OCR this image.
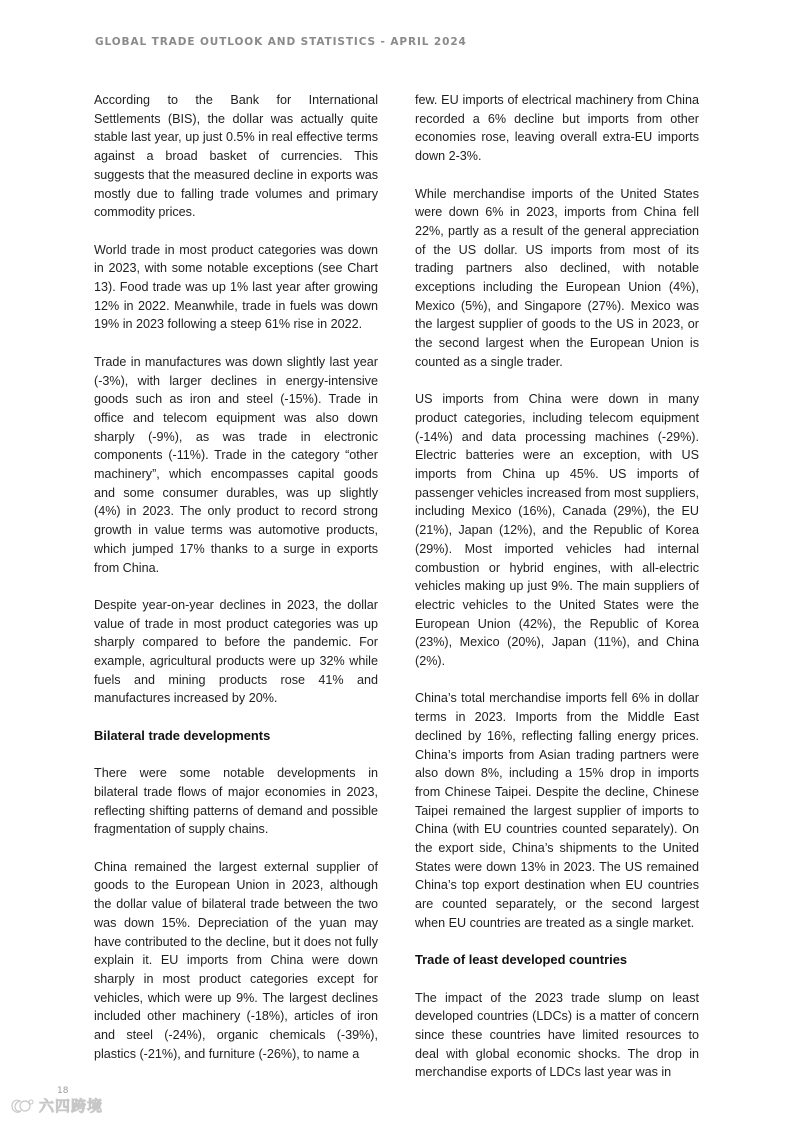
GLOBAL TRADE OUTLOOK AND STATISTICS - APRIL 2024

According to the Bank for International Settlements (BIS), the dollar was actually quite stable last year, up just 0.5% in real effective terms against a broad basket of currencies. This suggests that the measured decline in exports was mostly due to falling trade volumes and primary commodity prices.

World trade in most product categories was down in 2023, with some notable exceptions (see Chart 13). Food trade was up 1% last year after growing 12% in 2022. Meanwhile, trade in fuels was down 19% in 2023 following a steep 61% rise in 2022.

Trade in manufactures was down slightly last year (-3%), with larger declines in energy-intensive goods such as iron and steel (-15%). Trade in office and telecom equipment was also down sharply (-9%), as was trade in electronic components (-11%). Trade in the category “other machinery”, which encompasses capital goods and some consumer durables, was up slightly (4%) in 2023. The only product to record strong growth in value terms was automotive products, which jumped 17% thanks to a surge in exports from China.

Despite year-on-year declines in 2023, the dollar value of trade in most product categories was up sharply compared to before the pandemic. For example, agricultural products were up 32% while fuels and mining products rose 41% and manufactures increased by 20%.

Bilateral trade developments

There were some notable developments in bilateral trade flows of major economies in 2023, reflecting shifting patterns of demand and possible fragmentation of supply chains.

China remained the largest external supplier of goods to the European Union in 2023, although the dollar value of bilateral trade between the two was down 15%. Depreciation of the yuan may have contributed to the decline, but it does not fully explain it. EU imports from China were down sharply in most product categories except for vehicles, which were up 9%. The largest declines included other machinery (-18%), articles of iron and steel (-24%), organic chemicals (-39%), plastics (-21%), and furniture (-26%), to name a

few. EU imports of electrical machinery from China recorded a 6% decline but imports from other economies rose, leaving overall extra-EU imports down 2-3%.

While merchandise imports of the United States were down 6% in 2023, imports from China fell 22%, partly as a result of the general appreciation of the US dollar. US imports from most of its trading partners also declined, with notable exceptions including the European Union (4%), Mexico (5%), and Singapore (27%). Mexico was the largest supplier of goods to the US in 2023, or the second largest when the European Union is counted as a single trader.

US imports from China were down in many product categories, including telecom equipment (-14%) and data processing machines (-29%). Electric batteries were an exception, with US imports from China up 45%. US imports of passenger vehicles increased from most suppliers, including Mexico (16%), Canada (29%), the EU (21%), Japan (12%), and the Republic of Korea (29%). Most imported vehicles had internal combustion or hybrid engines, with all-electric vehicles making up just 9%. The main suppliers of electric vehicles to the United States were the European Union (42%), the Republic of Korea (23%), Mexico (20%), Japan (11%), and China (2%).

China’s total merchandise imports fell 6% in dollar terms in 2023. Imports from the Middle East declined by 16%, reflecting falling energy prices. China’s imports from Asian trading partners were also down 8%, including a 15% drop in imports from Chinese Taipei. Despite the decline, Chinese Taipei remained the largest supplier of imports to China (with EU countries counted separately). On the export side, China’s shipments to the United States were down 13% in 2023. The US remained China’s top export destination when EU countries are counted separately, or the second largest when EU countries are treated as a single market.

Trade of least developed countries

The impact of the 2023 trade slump on least developed countries (LDCs) is a matter of concern since these countries have limited resources to deal with global economic shocks. The drop in merchandise exports of LDCs last year was in

18
六四跨境
